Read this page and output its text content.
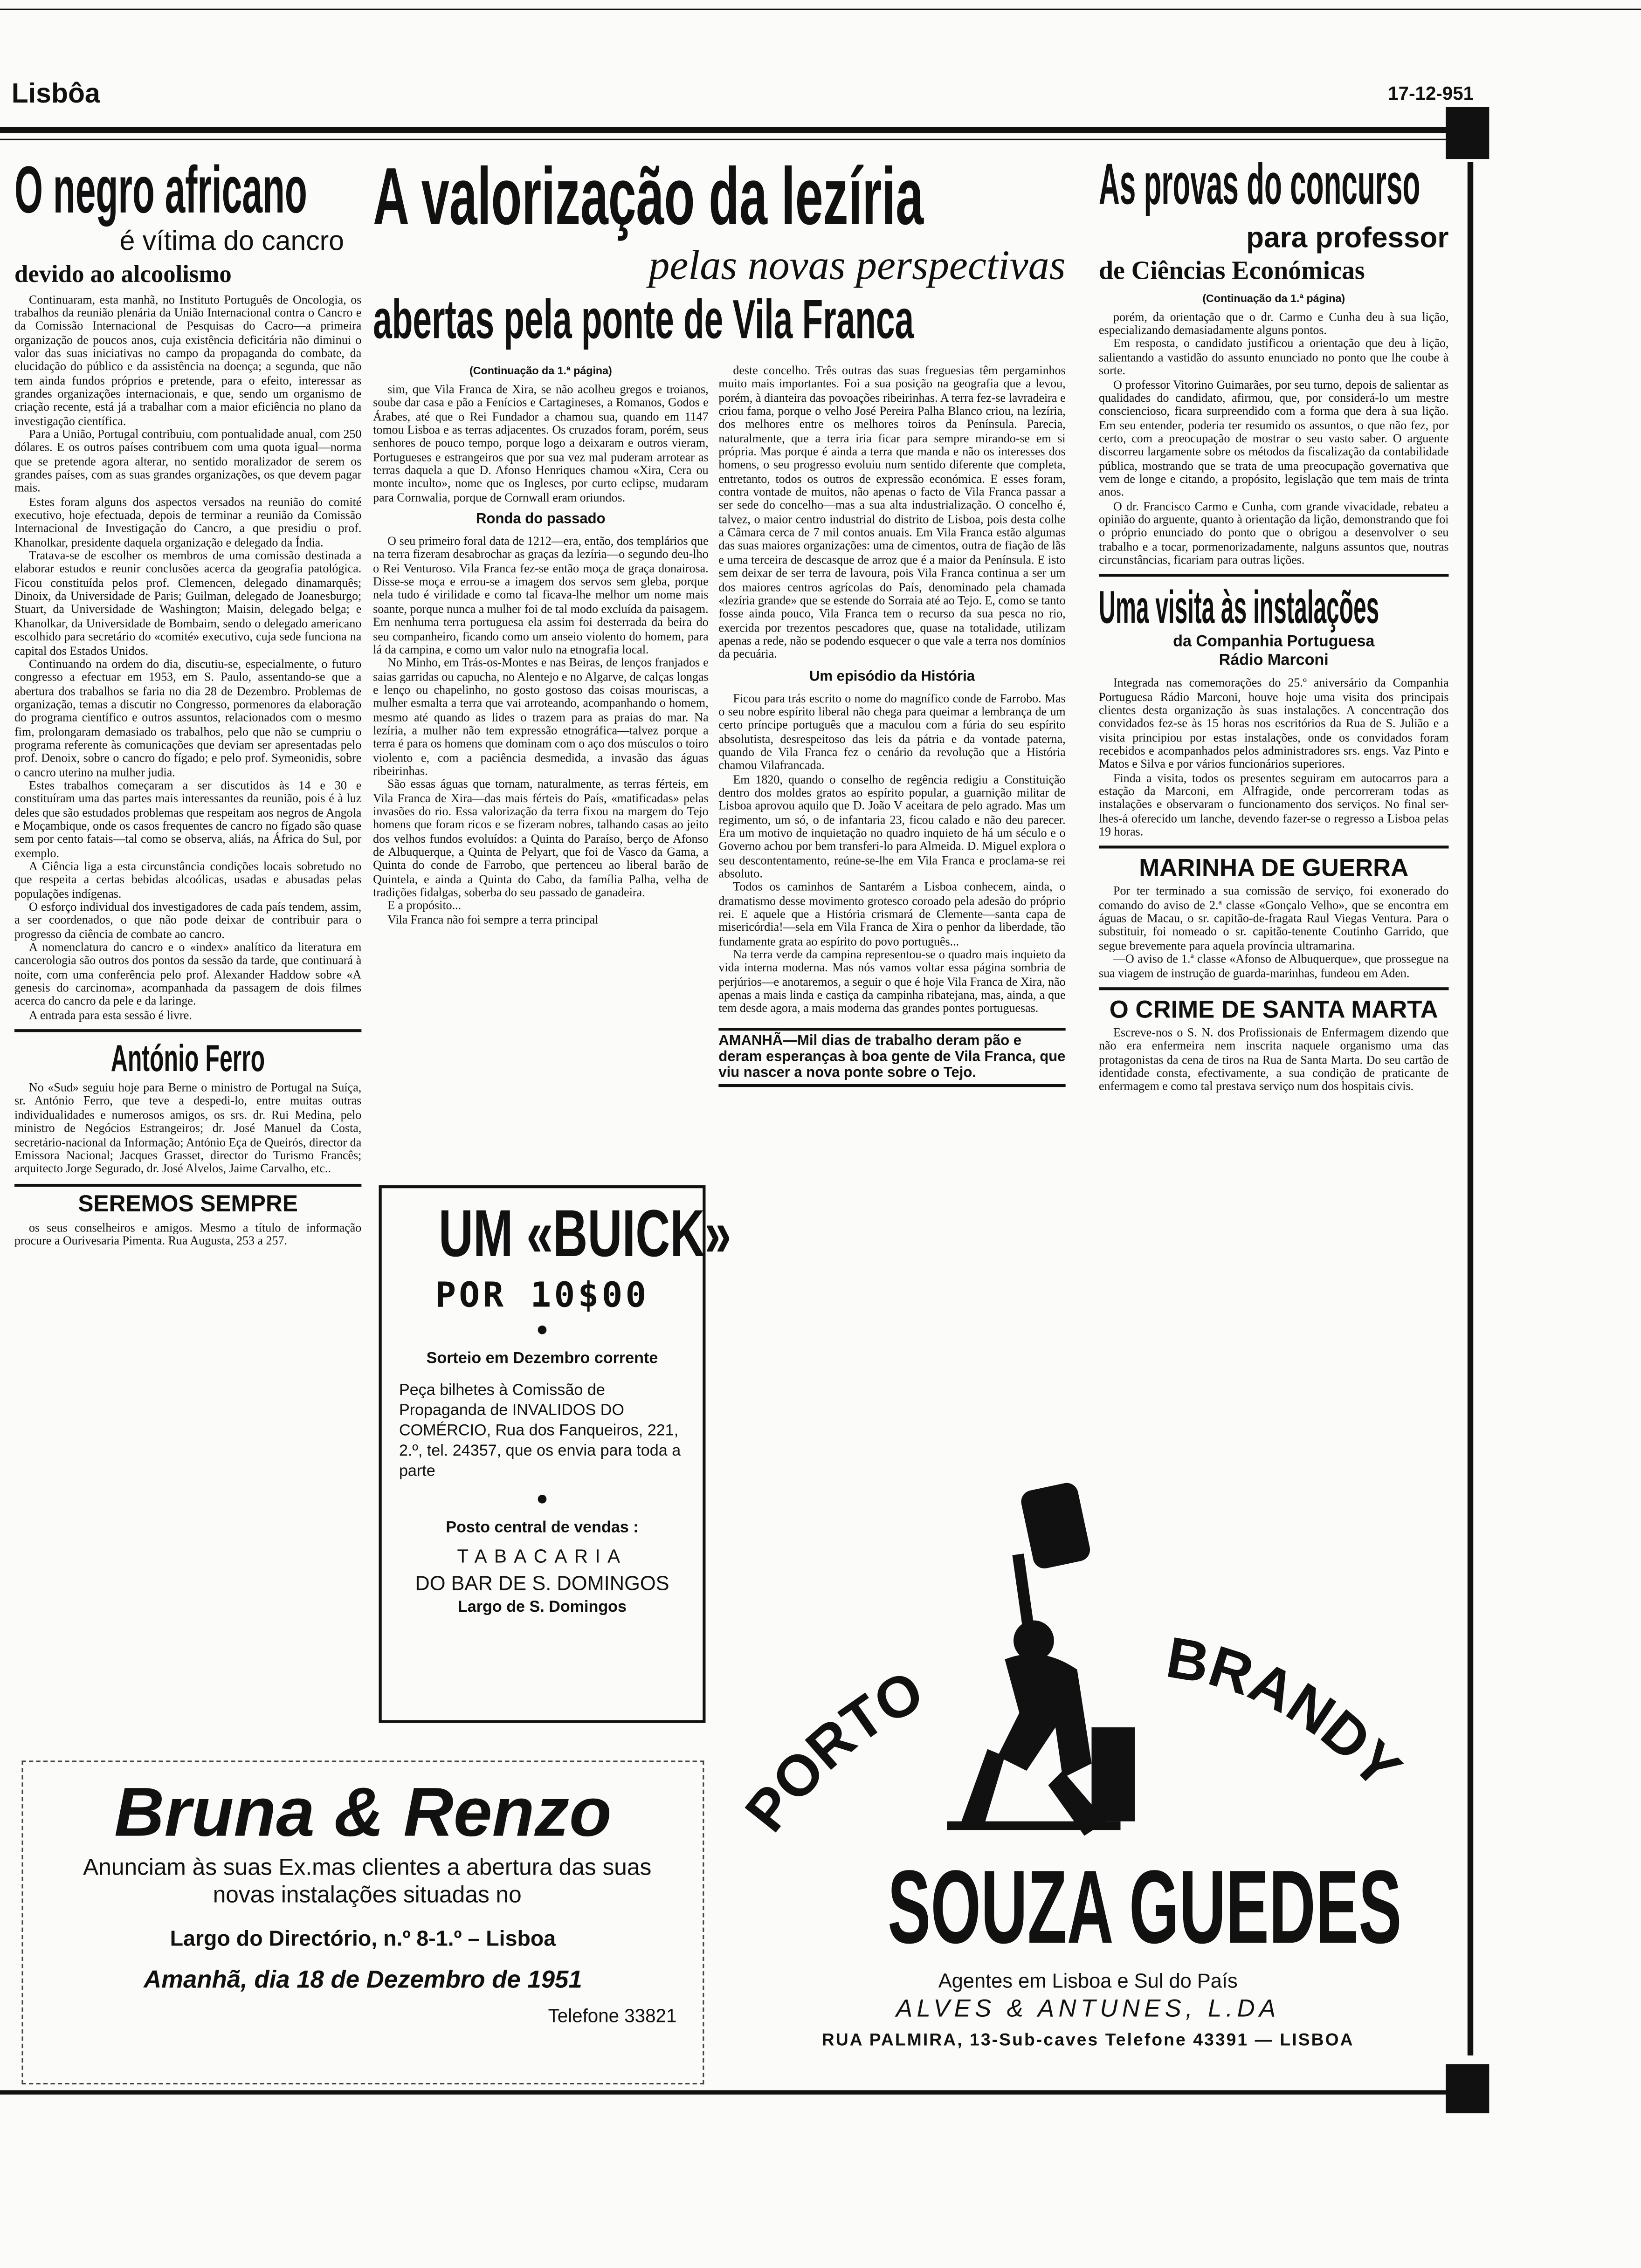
Lisbôa	17-12-951
O negro africano
é vítima do cancro
devido ao alcoolismo

Continuaram, esta manhã, no Instituto Português de Oncologia, os trabalhos da reunião plenária da União Internacional contra o Cancro e da Comissão Internacional de Pesquisas do Cacro—a primeira organização de poucos anos, cuja existência deficitária não diminui o valor das suas iniciativas no campo da propaganda do combate, da elucidação do público e da assistência na doença; a segunda, que não tem ainda fundos próprios e pretende, para o efeito, interessar as grandes organizações internacionais, e que, sendo um organismo de criação recente, está já a trabalhar com a maior eficiência no plano da investigação científica.

Para a União, Portugal contribuiu, com pontualidade anual, com 250 dólares. E os outros países contribuem com uma quota igual—norma que se pretende agora alterar, no sentido moralizador de serem os grandes países, com as suas grandes organizações, os que devem pagar mais.

Estes foram alguns dos aspectos versados na reunião do comité executivo, hoje efectuada, depois de terminar a reunião da Comissão Internacional de Investigação do Cancro, a que presidiu o prof. Khanolkar, presidente daquela organização e delegado da Índia.

Tratava-se de escolher os membros de uma comissão destinada a elaborar estudos e reunir conclusões acerca da geografia patológica. Ficou constituída pelos prof. Clemencen, delegado dinamarquês; Dinoix, da Universidade de Paris; Guilman, delegado de Joanesburgo; Stuart, da Universidade de Washington; Maisin, delegado belga; e Khanolkar, da Universidade de Bombaim, sendo o delegado americano escolhido para secretário do «comité» executivo, cuja sede funciona na capital dos Estados Unidos.

Continuando na ordem do dia, discutiu-se, especialmente, o futuro congresso a efectuar em 1953, em S. Paulo, assentando-se que a abertura dos trabalhos se faria no dia 28 de Dezembro. Problemas de organização, temas a discutir no Congresso, pormenores da elaboração do programa científico e outros assuntos, relacionados com o mesmo fim, prolongaram demasiado os trabalhos, pelo que não se cumpriu o programa referente às comunicações que deviam ser apresentadas pelo prof. Denoix, sobre o cancro do fígado; e pelo prof. Symeonidis, sobre o cancro uterino na mulher judia.

Estes trabalhos começaram a ser discutidos às 14 e 30 e constituíram uma das partes mais interessantes da reunião, pois é à luz deles que são estudados problemas que respeitam aos negros de Angola e Moçambique, onde os casos frequentes de cancro no fígado são quase sem por cento fatais—tal como se observa, aliás, na África do Sul, por exemplo.

A Ciência liga a esta circunstância condições locais sobretudo no que respeita a certas bebidas alcoólicas, usadas e abusadas pelas populações indígenas.

O esforço individual dos investigadores de cada país tendem, assim, a ser coordenados, o que não pode deixar de contribuir para o progresso da ciência de combate ao cancro.

A nomenclatura do cancro e o «index» analítico da literatura em cancerologia são outros dos pontos da sessão da tarde, que continuará à noite, com uma conferência pelo prof. Alexander Haddow sobre «A genesis do carcinoma», acompanhada da passagem de dois filmes acerca do cancro da pele e da laringe.

A entrada para esta sessão é livre.

António Ferro

No «Sud» seguiu hoje para Berne o ministro de Portugal na Suíça, sr. António Ferro, que teve a despedi-lo, entre muitas outras individualidades e numerosos amigos, os srs. dr. Rui Medina, pelo ministro de Negócios Estrangeiros; dr. José Manuel da Costa, secretário-nacional da Informação; António Eça de Queirós, director da Emissora Nacional; Jacques Grasset, director do Turismo Francês; arquitecto Jorge Segurado, dr. José Alvelos, Jaime Carvalho, etc..

SEREMOS SEMPRE

os seus conselheiros e amigos. Mesmo a título de informação procure a Ourivesaria Pimenta. Rua Augusta, 253 a 257.

A valorização da lezíria
pelas novas perspectivas
abertas pela ponte de Vila Franca
(Continuação da 1.ª página)

sim, que Vila Franca de Xira, se não acolheu gregos e troianos, soube dar casa e pão a Fenícios e Cartagineses, a Romanos, Godos e Árabes, até que o Rei Fundador a chamou sua, quando em 1147 tomou Lisboa e as terras adjacentes. Os cruzados foram, porém, seus senhores de pouco tempo, porque logo a deixaram e outros vieram, Portugueses e estrangeiros que por sua vez mal puderam arrotear as terras daquela a que D. Afonso Henriques chamou «Xira, Cera ou monte inculto», nome que os Ingleses, por curto eclipse, mudaram para Cornwalia, porque de Cornwall eram oriundos.

Ronda do passado

O seu primeiro foral data de 1212—era, então, dos templários que na terra fizeram desabrochar as graças da lezíria—o segundo deu-lho o Rei Venturoso. Vila Franca fez-se então moça de graça donairosa. Disse-se moça e errou-se a imagem dos servos sem gleba, porque nela tudo é virilidade e como tal ficava-lhe melhor um nome mais soante, porque nunca a mulher foi de tal modo excluída da paisagem. Em nenhuma terra portuguesa ela assim foi desterrada da beira do seu companheiro, ficando como um anseio violento do homem, para lá da campina, e como um valor nulo na etnografia local.

No Minho, em Trás-os-Montes e nas Beiras, de lenços franjados e saias garridas ou capucha, no Alentejo e no Algarve, de calças longas e lenço ou chapelinho, no gosto gostoso das coisas mouriscas, a mulher esmalta a terra que vai arroteando, acompanhando o homem, mesmo até quando as lides o trazem para as praias do mar. Na lezíria, a mulher não tem expressão etnográfica—talvez porque a terra é para os homens que dominam com o aço dos músculos o toiro violento e, com a paciência desmedida, a invasão das águas ribeirinhas.

São essas águas que tornam, naturalmente, as terras férteis, em Vila Franca de Xira—das mais férteis do País, «matificadas» pelas invasões do rio. Essa valorização da terra fixou na margem do Tejo homens que foram ricos e se fizeram nobres, talhando casas ao jeito dos velhos fundos evoluídos: a Quinta do Paraíso, berço de Afonso de Albuquerque, a Quinta de Pelyart, que foi de Vasco da Gama, a Quinta do conde de Farrobo, que pertenceu ao liberal barão de Quintela, e ainda a Quinta do Cabo, da família Palha, velha de tradições fidalgas, soberba do seu passado de ganadeira.

E a propósito...

Vila Franca não foi sempre a terra principal

deste concelho. Três outras das suas freguesias têm pergaminhos muito mais importantes. Foi a sua posição na geografia que a levou, porém, à dianteira das povoações ribeirinhas. A terra fez-se lavradeira e criou fama, porque o velho José Pereira Palha Blanco criou, na lezíria, dos melhores entre os melhores toiros da Península. Parecia, naturalmente, que a terra iria ficar para sempre mirando-se em si própria. Mas porque é ainda a terra que manda e não os interesses dos homens, o seu progresso evoluiu num sentido diferente que completa, entretanto, todos os outros de expressão económica. E esses foram, contra vontade de muitos, não apenas o facto de Vila Franca passar a ser sede do concelho—mas a sua alta industrialização. O concelho é, talvez, o maior centro industrial do distrito de Lisboa, pois desta colhe a Câmara cerca de 7 mil contos anuais. Em Vila Franca estão algumas das suas maiores organizações: uma de cimentos, outra de fiação de lãs e uma terceira de descasque de arroz que é a maior da Península. E isto sem deixar de ser terra de lavoura, pois Vila Franca continua a ser um dos maiores centros agrícolas do País, denominado pela chamada «lezíria grande» que se estende do Sorraia até ao Tejo. E, como se tanto fosse ainda pouco, Vila Franca tem o recurso da sua pesca no rio, exercida por trezentos pescadores que, quase na totalidade, utilizam apenas a rede, não se podendo esquecer o que vale a terra nos domínios da pecuária.

Um episódio da História

Ficou para trás escrito o nome do magnífico conde de Farrobo. Mas o seu nobre espírito liberal não chega para queimar a lembrança de um certo príncipe português que a maculou com a fúria do seu espírito absolutista, desrespeitoso das leis da pátria e da vontade paterna, quando de Vila Franca fez o cenário da revolução que a História chamou Vilafrancada.

Em 1820, quando o conselho de regência redigiu a Constituição dentro dos moldes gratos ao espírito popular, a guarnição militar de Lisboa aprovou aquilo que D. João V aceitara de pelo agrado. Mas um regimento, um só, o de infantaria 23, ficou calado e não deu parecer. Era um motivo de inquietação no quadro inquieto de há um século e o Governo achou por bem transferi-lo para Almeida. D. Miguel explora o seu descontentamento, reúne-se-lhe em Vila Franca e proclama-se rei absoluto.

Todos os caminhos de Santarém a Lisboa conhecem, ainda, o dramatismo desse movimento grotesco coroado pela adesão do próprio rei. E aquele que a História crismará de Clemente—santa capa de misericórdia!—sela em Vila Franca de Xira o penhor da liberdade, tão fundamente grata ao espírito do povo português...

Na terra verde da campina representou-se o quadro mais inquieto da vida interna moderna. Mas nós vamos voltar essa página sombria de perjúrios—e anotaremos, a seguir o que é hoje Vila Franca de Xira, não apenas a mais linda e castiça da campinha ribatejana, mas, ainda, a que tem desde agora, a mais moderna das grandes pontes portuguesas.

AMANHÃ—Mil dias de trabalho deram pão e deram esperanças à boa gente de Vila Franca, que viu nascer a nova ponte sobre o Tejo.
UM «BUICK»
POR 10$00
●
Sorteio em Dezembro corrente
Peça bilhetes à Comissão de Propaganda de INVALIDOS DO COMÉRCIO, Rua dos Fanqueiros, 221, 2.º, tel. 24357, que os envia para toda a parte
●
Posto central de vendas :
TABACARIA
DO BAR DE S. DOMINGOS
Largo de S. Domingos
As provas do concurso
para professor
de Ciências Económicas
(Continuação da 1.ª página)

porém, da orientação que o dr. Carmo e Cunha deu à sua lição, especializando demasiadamente alguns pontos.

Em resposta, o candidato justificou a orientação que deu à lição, salientando a vastidão do assunto enunciado no ponto que lhe coube à sorte.

O professor Vitorino Guimarães, por seu turno, depois de salientar as qualidades do candidato, afirmou, que, por considerá-lo um mestre consciencioso, ficara surpreendido com a forma que dera à sua lição. Em seu entender, poderia ter resumido os assuntos, o que não fez, por certo, com a preocupação de mostrar o seu vasto saber. O arguente discorreu largamente sobre os métodos da fiscalização da contabilidade pública, mostrando que se trata de uma preocupação governativa que vem de longe e citando, a propósito, legislação que tem mais de trinta anos.

O dr. Francisco Carmo e Cunha, com grande vivacidade, rebateu a opinião do arguente, quanto à orientação da lição, demonstrando que foi o próprio enunciado do ponto que o obrigou a desenvolver o seu trabalho e a tocar, pormenorizadamente, nalguns assuntos que, noutras circunstâncias, ficariam para outras lições.

Uma visita às instalações
da Companhia Portuguesa
Rádio Marconi

Integrada nas comemorações do 25.º aniversário da Companhia Portuguesa Rádio Marconi, houve hoje uma visita dos principais clientes desta organização às suas instalações. A concentração dos convidados fez-se às 15 horas nos escritórios da Rua de S. Julião e a visita principiou por estas instalações, onde os convidados foram recebidos e acompanhados pelos administradores srs. engs. Vaz Pinto e Matos e Silva e por vários funcionários superiores.

Finda a visita, todos os presentes seguiram em autocarros para a estação da Marconi, em Alfragide, onde percorreram todas as instalações e observaram o funcionamento dos serviços. No final ser-lhes-á oferecido um lanche, devendo fazer-se o regresso a Lisboa pelas 19 horas.

MARINHA DE GUERRA

Por ter terminado a sua comissão de serviço, foi exonerado do comando do aviso de 2.ª classe «Gonçalo Velho», que se encontra em águas de Macau, o sr. capitão-de-fragata Raul Viegas Ventura. Para o substituir, foi nomeado o sr. capitão-tenente Coutinho Garrido, que segue brevemente para aquela província ultramarina.

—O aviso de 1.ª classe «Afonso de Albuquerque», que prossegue na sua viagem de instrução de guarda-marinhas, fundeou em Aden.

O CRIME DE SANTA MARTA

Escreve-nos o S. N. dos Profissionais de Enfermagem dizendo que não era enfermeira nem inscrita naquele organismo uma das protagonistas da cena de tiros na Rua de Santa Marta. Do seu cartão de identidade consta, efectivamente, a sua condição de praticante de enfermagem e como tal prestava serviço num dos hospitais civis.

Bruna & Renzo
Anunciam às suas Ex.mas clientes a abertura das suas novas instalações situadas no
Largo do Directório, n.º 8-1.º – Lisboa
Amanhã, dia 18 de Dezembro de 1951
Telefone 33821
PORTO	BRANDY
SOUZA GUEDES
Agentes em Lisboa e Sul do País
ALVES & ANTUNES, L.DA
RUA PALMIRA, 13-Sub-caves Telefone 43391 — LISBOA
